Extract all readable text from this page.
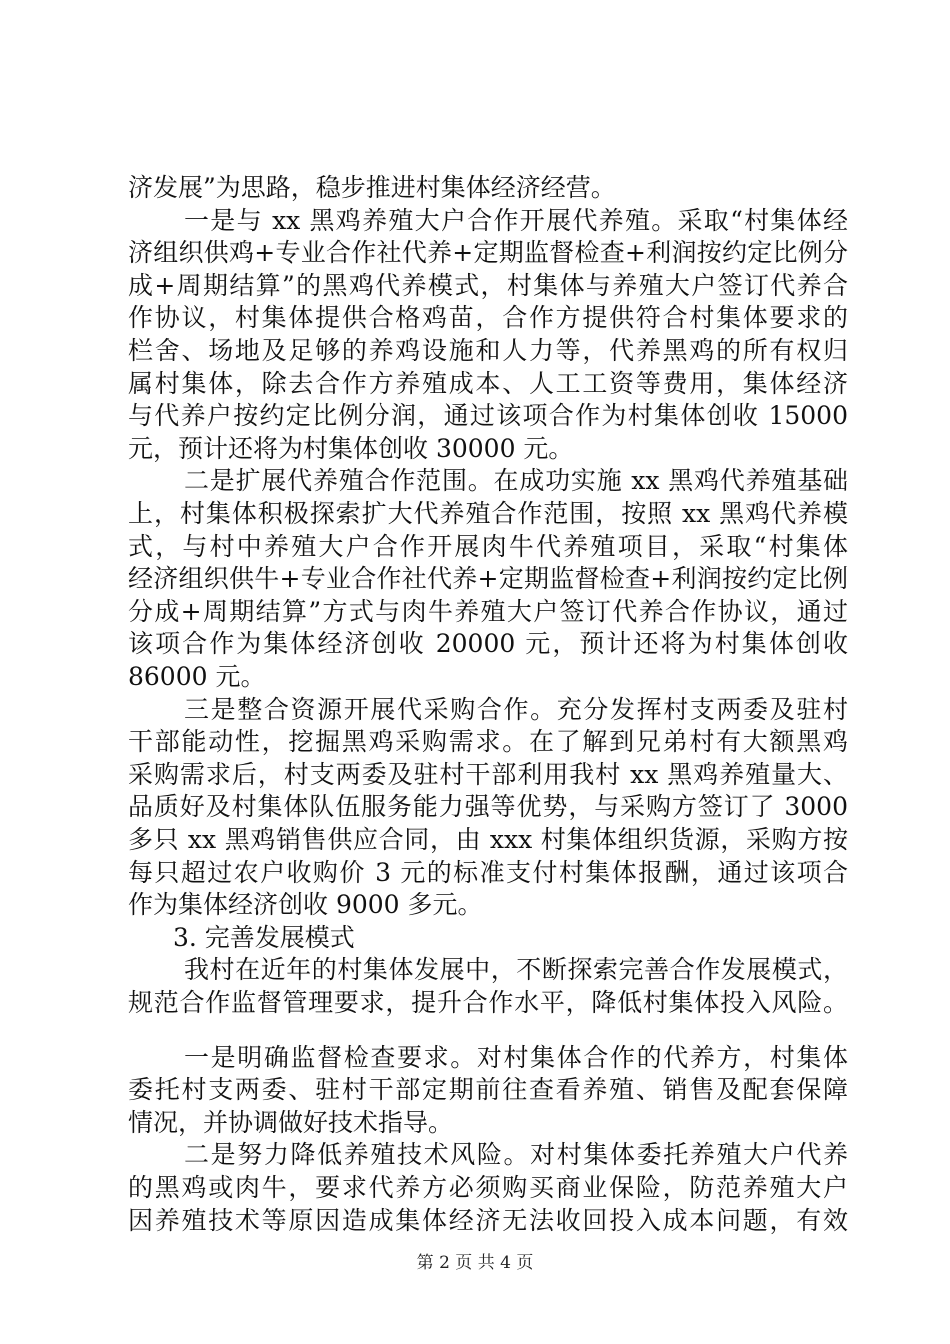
济发展”为思路，稳步推进村集体经济经营。
一是与 xx 黑鸡养殖大户合作开展代养殖。采取“村集体经
济组织供鸡+专业合作社代养+定期监督检查+利润按约定比例分
成+周期结算”的黑鸡代养模式，村集体与养殖大户签订代养合
作协议，村集体提供合格鸡苗，合作方提供符合村集体要求的
栏舍、场地及足够的养鸡设施和人力等，代养黑鸡的所有权归
属村集体，除去合作方养殖成本、人工工资等费用，集体经济
与代养户按约定比例分润，通过该项合作为村集体创收 15000
元，预计还将为村集体创收 30000 元。
二是扩展代养殖合作范围。在成功实施 xx 黑鸡代养殖基础
上，村集体积极探索扩大代养殖合作范围，按照 xx 黑鸡代养模
式，与村中养殖大户合作开展肉牛代养殖项目，采取“村集体
经济组织供牛+专业合作社代养+定期监督检查+利润按约定比例
分成+周期结算”方式与肉牛养殖大户签订代养合作协议，通过
该项合作为集体经济创收 20000 元，预计还将为村集体创收
86000 元。
三是整合资源开展代采购合作。充分发挥村支两委及驻村
干部能动性，挖掘黑鸡采购需求。在了解到兄弟村有大额黑鸡
采购需求后，村支两委及驻村干部利用我村 xx 黑鸡养殖量大、
品质好及村集体队伍服务能力强等优势，与采购方签订了 3000
多只 xx 黑鸡销售供应合同，由 xxx 村集体组织货源，采购方按
每只超过农户收购价 3 元的标准支付村集体报酬，通过该项合
作为集体经济创收 9000 多元。
3. 完善发展模式
我村在近年的村集体发展中，不断探索完善合作发展模式，
规范合作监督管理要求，提升合作水平，降低村集体投入风险。
一是明确监督检查要求。对村集体合作的代养方，村集体
委托村支两委、驻村干部定期前往查看养殖、销售及配套保障
情况，并协调做好技术指导。
二是努力降低养殖技术风险。对村集体委托养殖大户代养
的黑鸡或肉牛，要求代养方必须购买商业保险，防范养殖大户
因养殖技术等原因造成集体经济无法收回投入成本问题，有效
第 2 页 共 4 页
